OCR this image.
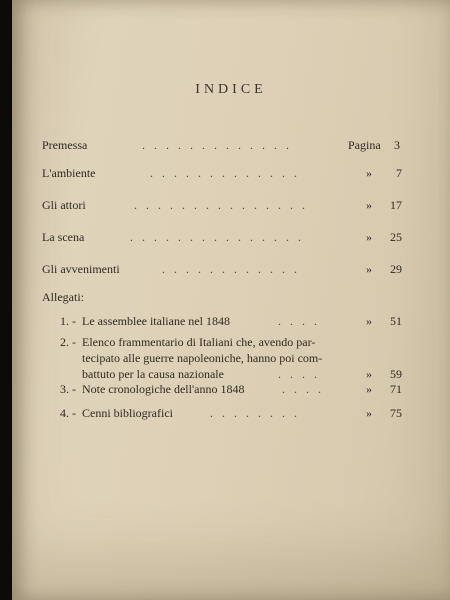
INDICE
Premessa	. . . . . . . . . . . . .	Pagina 3
L'ambiente	. . . . . . . . . . . . .	» 7
Gli attori	. . . . . . . . . . . . . . .	» 17
La scena	. . . . . . . . . . . . . . .	» 25
Gli avvenimenti	. . . . . . . . . . . .	» 29
Allegati:
1. - Le assemblee italiane nel 1848	. . . .	» 51
2. - Elenco frammentario di Italiani che, avendo par-
tecipato alle guerre napoleoniche, hanno poi com-
battuto per la causa nazionale	. . . .	» 59
3. - Note cronologiche dell'anno 1848	. . . .	» 71
4. - Cenni bibliografici	. . . . . . . .	» 75
